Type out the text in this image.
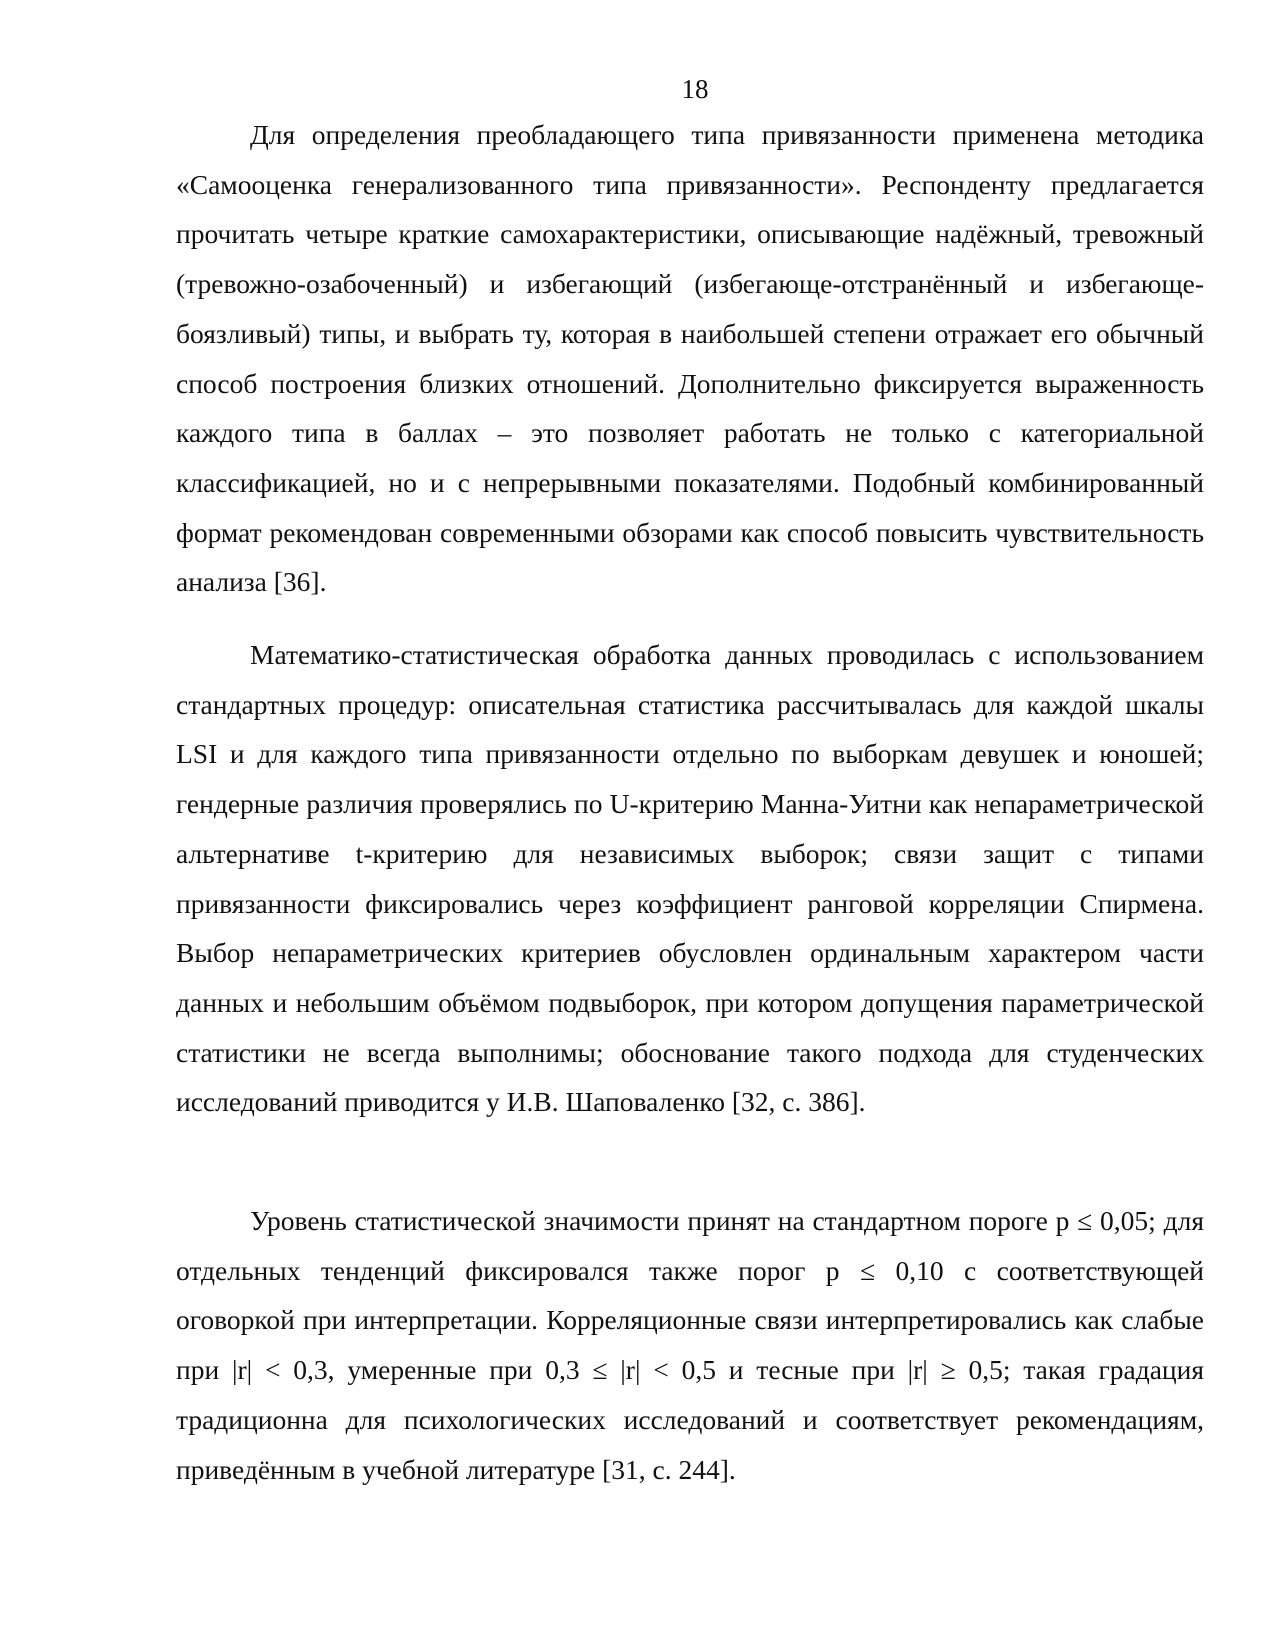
18

Для определения преобладающего типа привязанности применена методика «Самооценка генерализованного типа привязанности». Респонденту предлагается прочитать четыре краткие самохарактеристики, описывающие надёжный, тревожный (тревожно-озабоченный) и избегающий (избегающе-отстранённый и избегающе-боязливый) типы, и выбрать ту, которая в наибольшей степени отражает его обычный способ построения близких отношений. Дополнительно фиксируется выраженность каждого типа в баллах – это позволяет работать не только с категориальной классификацией, но и с непрерывными показателями. Подобный комбинированный формат рекомендован современными обзорами как способ повысить чувствительность анализа [36].

Математико-статистическая обработка данных проводилась с использованием стандартных процедур: описательная статистика рассчитывалась для каждой шкалы LSI и для каждого типа привязанности отдельно по выборкам девушек и юношей; гендерные различия проверялись по U-критерию Манна-Уитни как непараметрической альтернативе t-критерию для независимых выборок; связи защит с типами привязанности фиксировались через коэффициент ранговой корреляции Спирмена. Выбор непараметрических критериев обусловлен ординальным характером части данных и небольшим объёмом подвыборок, при котором допущения параметрической статистики не всегда выполнимы; обоснование такого подхода для студенческих исследований приводится у И.В. Шаповаленко [32, с. 386].

Уровень статистической значимости принят на стандартном пороге p ≤ 0,05; для отдельных тенденций фиксировался также порог p ≤ 0,10 с соответствующей оговоркой при интерпретации. Корреляционные связи интерпретировались как слабые при |r| < 0,3, умеренные при 0,3 ≤ |r| < 0,5 и тесные при |r| ≥ 0,5; такая градация традиционна для психологических исследований и соответствует рекомендациям, приведённым в учебной литературе [31, с. 244].
